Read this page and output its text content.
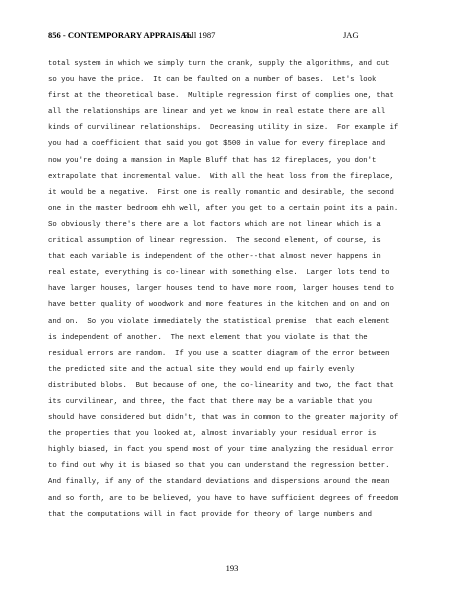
856 - CONTEMPORARY APPRAISAL
Fall 1987	JAG
total system in which we simply turn the crank, supply the algorithms, and cut
so you have the price.  It can be faulted on a number of bases.  Let's look
first at the theoretical base.  Multiple regression first of complies one, that
all the relationships are linear and yet we know in real estate there are all
kinds of curvilinear relationships.  Decreasing utility in size.  For example if
you had a coefficient that said you got $500 in value for every fireplace and
now you're doing a mansion in Maple Bluff that has 12 fireplaces, you don't
extrapolate that incremental value.  With all the heat loss from the fireplace,
it would be a negative.  First one is really romantic and desirable, the second
one in the master bedroom ehh well, after you get to a certain point its a pain.
So obviously there's there are a lot factors which are not linear which is a
critical assumption of linear regression.  The second element, of course, is
that each variable is independent of the other--that almost never happens in
real estate, everything is co-linear with something else.  Larger lots tend to
have larger houses, larger houses tend to have more room, larger houses tend to
have better quality of woodwork and more features in the kitchen and on and on
and on.  So you violate immediately the statistical premise  that each element
is independent of another.  The next element that you violate is that the
residual errors are random.  If you use a scatter diagram of the error between
the predicted site and the actual site they would end up fairly evenly
distributed blobs.  But because of one, the co-linearity and two, the fact that
its curvilinear, and three, the fact that there may be a variable that you
should have considered but didn't, that was in common to the greater majority of
the properties that you looked at, almost invariably your residual error is
highly biased, in fact you spend most of your time analyzing the residual error
to find out why it is biased so that you can understand the regression better.
And finally, if any of the standard deviations and dispersions around the mean
and so forth, are to be believed, you have to have sufficient degrees of freedom
that the computations will in fact provide for theory of large numbers and
193
